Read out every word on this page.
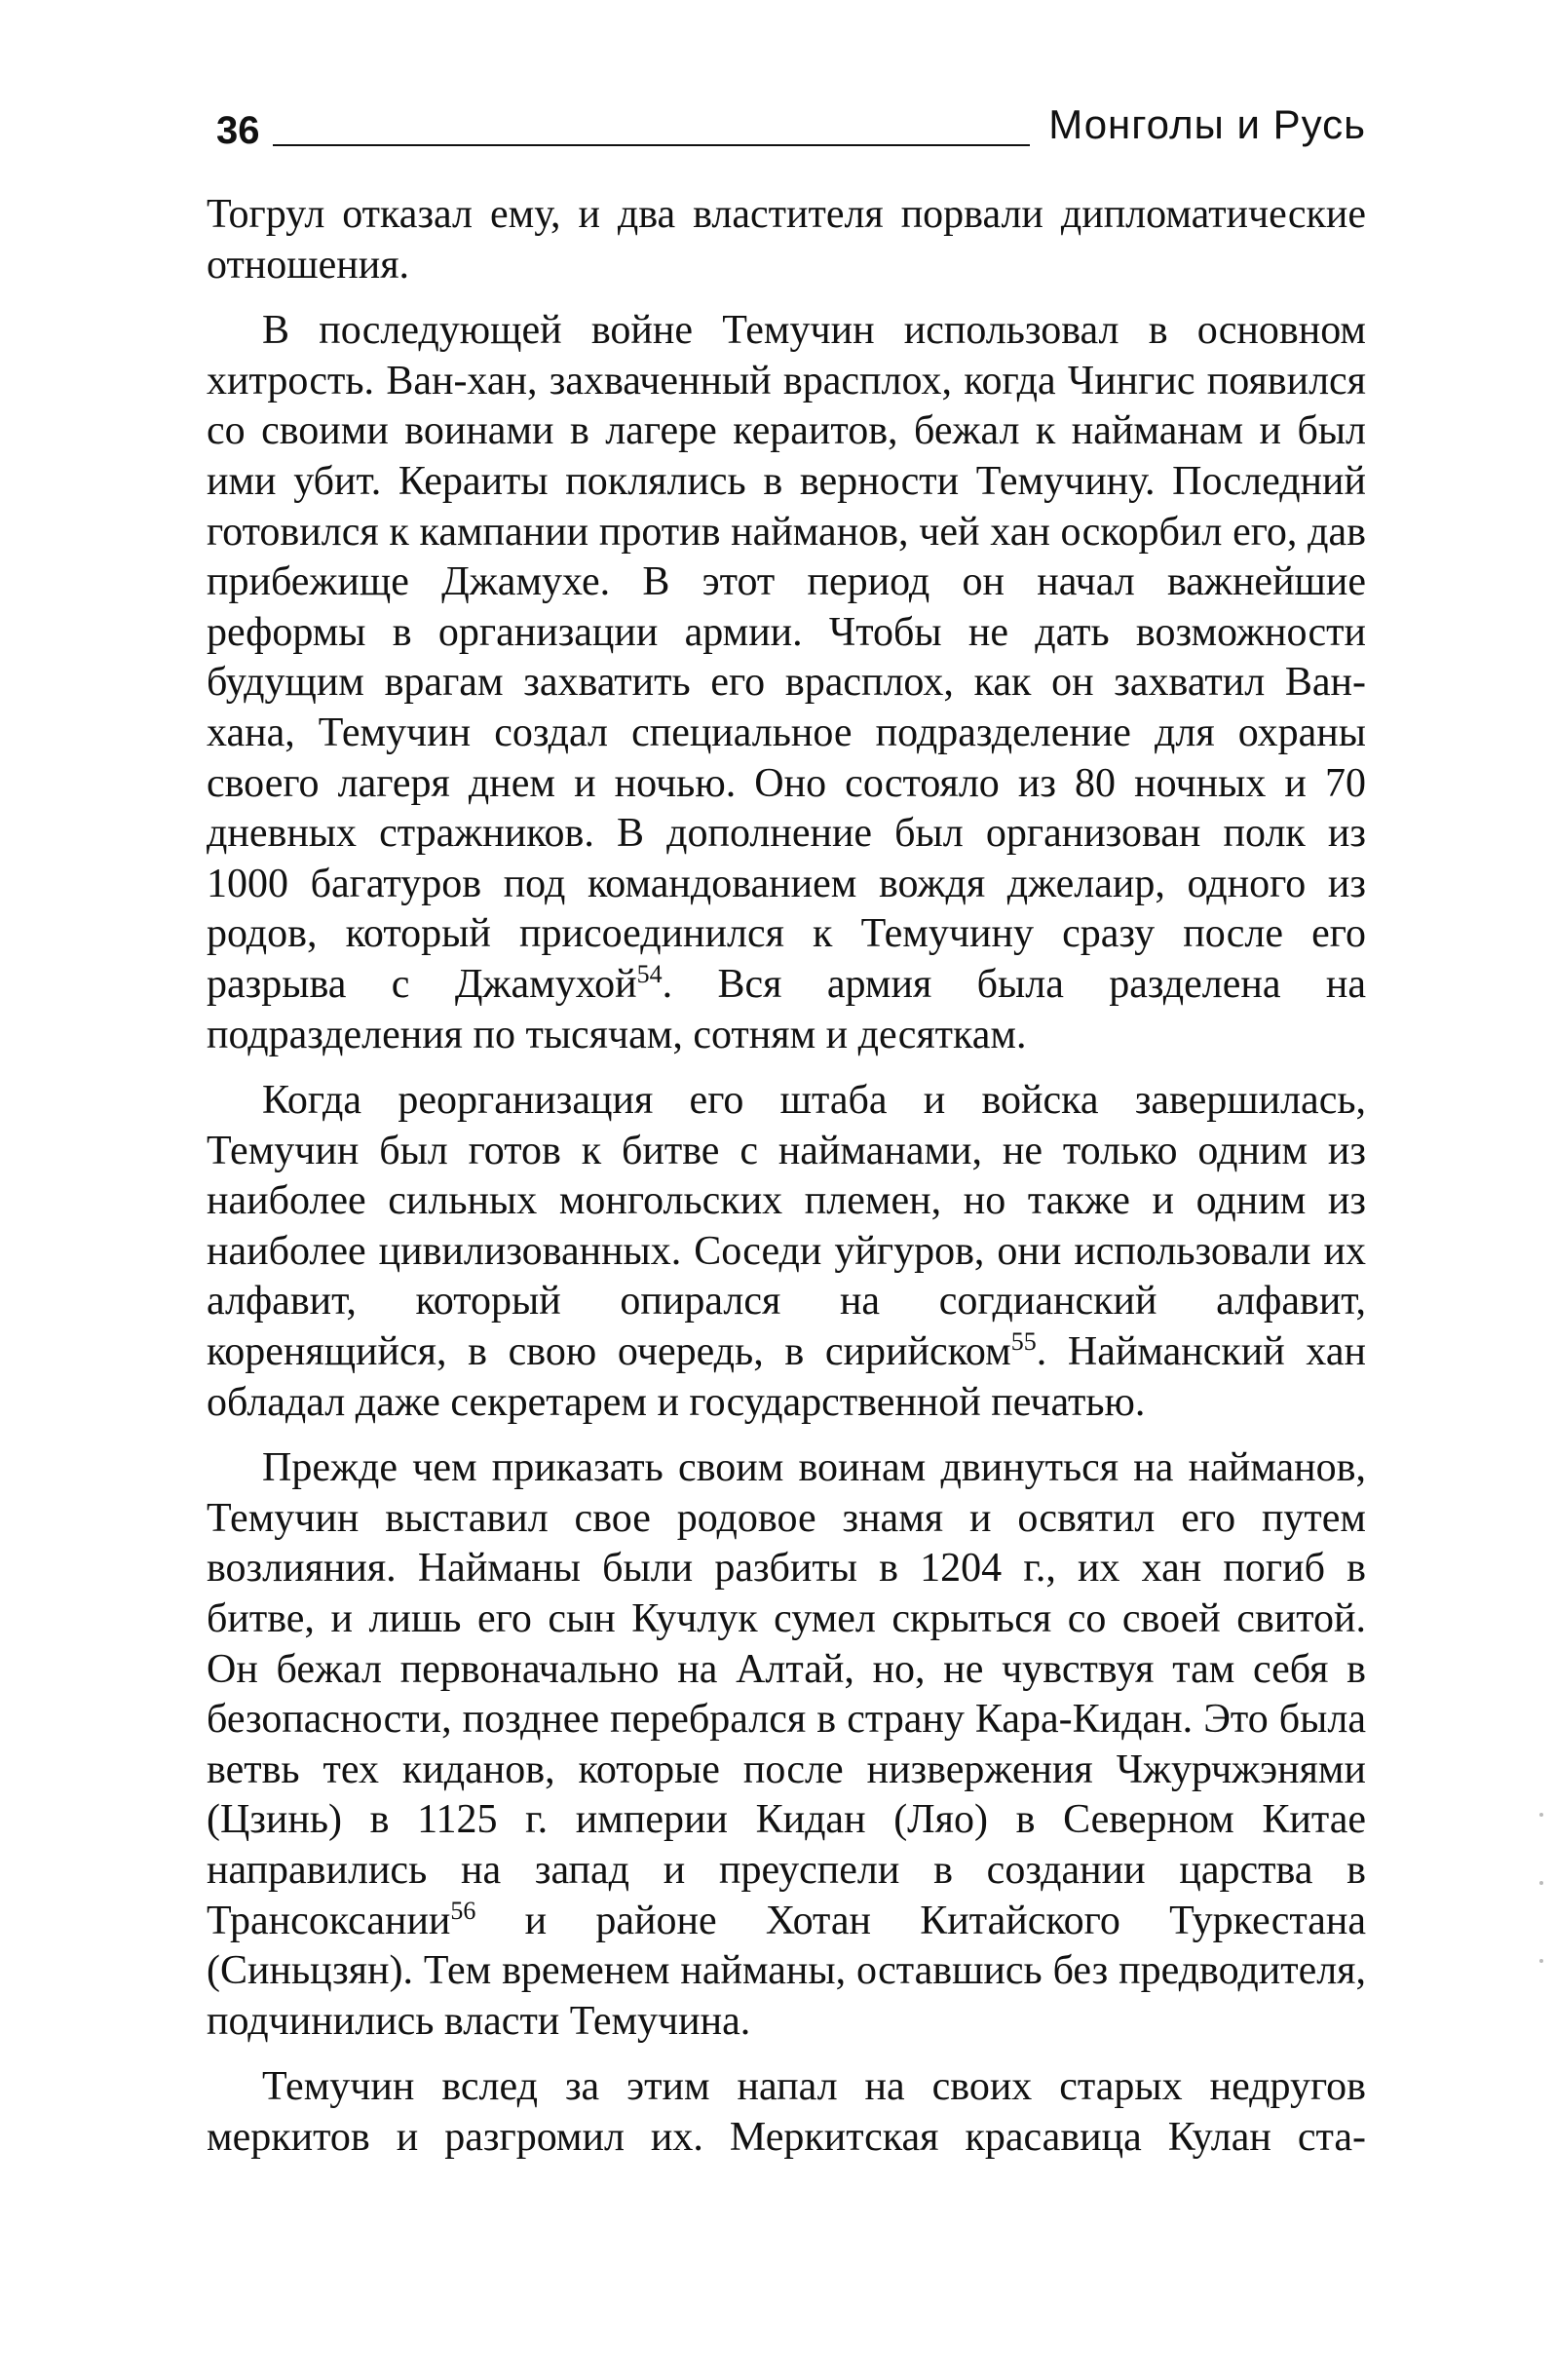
36	Монголы и Русь

Тогрул отказал ему, и два властителя порвали дипломатические отношения.

В последующей войне Темучин использовал в основном хитрость. Ван-хан, захваченный врасплох, когда Чингис появился со своими воинами в лагере кераитов, бежал к найманам и был ими убит. Кераиты поклялись в верности Темучину. Последний готовился к кампании против найманов, чей хан оскорбил его, дав прибежище Джамухе. В этот период он начал важнейшие реформы в организации армии. Чтобы не дать возможности будущим врагам захватить его врасплох, как он захватил Ван-хана, Темучин создал специальное подразделение для охраны своего лагеря днем и ночью. Оно состояло из 80 ночных и 70 дневных стражников. В дополнение был организован полк из 1000 багатуров под командованием вождя джелаир, одного из родов, который присоединился к Темучину сразу после его разрыва с Джамухой$^{54}$. Вся армия была разделена на подразделения по тысячам, сотням и десяткам.

Когда реорганизация его штаба и войска завершилась, Темучин был готов к битве с найманами, не только одним из наиболее сильных монгольских племен, но также и одним из наиболее цивилизованных. Соседи уйгуров, они использовали их алфавит, который опирался на согдианский алфавит, коренящийся, в свою очередь, в сирийском$^{55}$. Найманский хан обладал даже секретарем и государственной печатью.

Прежде чем приказать своим воинам двинуться на найманов, Темучин выставил свое родовое знамя и освятил его путем возлияния. Найманы были разбиты в 1204 г., их хан погиб в битве, и лишь его сын Кучлук сумел скрыться со своей свитой. Он бежал первоначально на Алтай, но, не чувствуя там себя в безопасности, позднее перебрался в страну Кара-Кидан. Это была ветвь тех киданов, которые после низвержения Чжурчжэнями (Цзинь) в 1125 г. империи Кидан (Ляо) в Северном Китае направились на запад и преуспели в создании царства в Трансоксании$^{56}$ и районе Хотан Китайского Туркестана (Синьцзян). Тем временем найманы, оставшись без предводителя, подчинились власти Темучина.

Темучин вслед за этим напал на своих старых недругов меркитов и разгромил их. Меркитская красавица Кулан ста-
